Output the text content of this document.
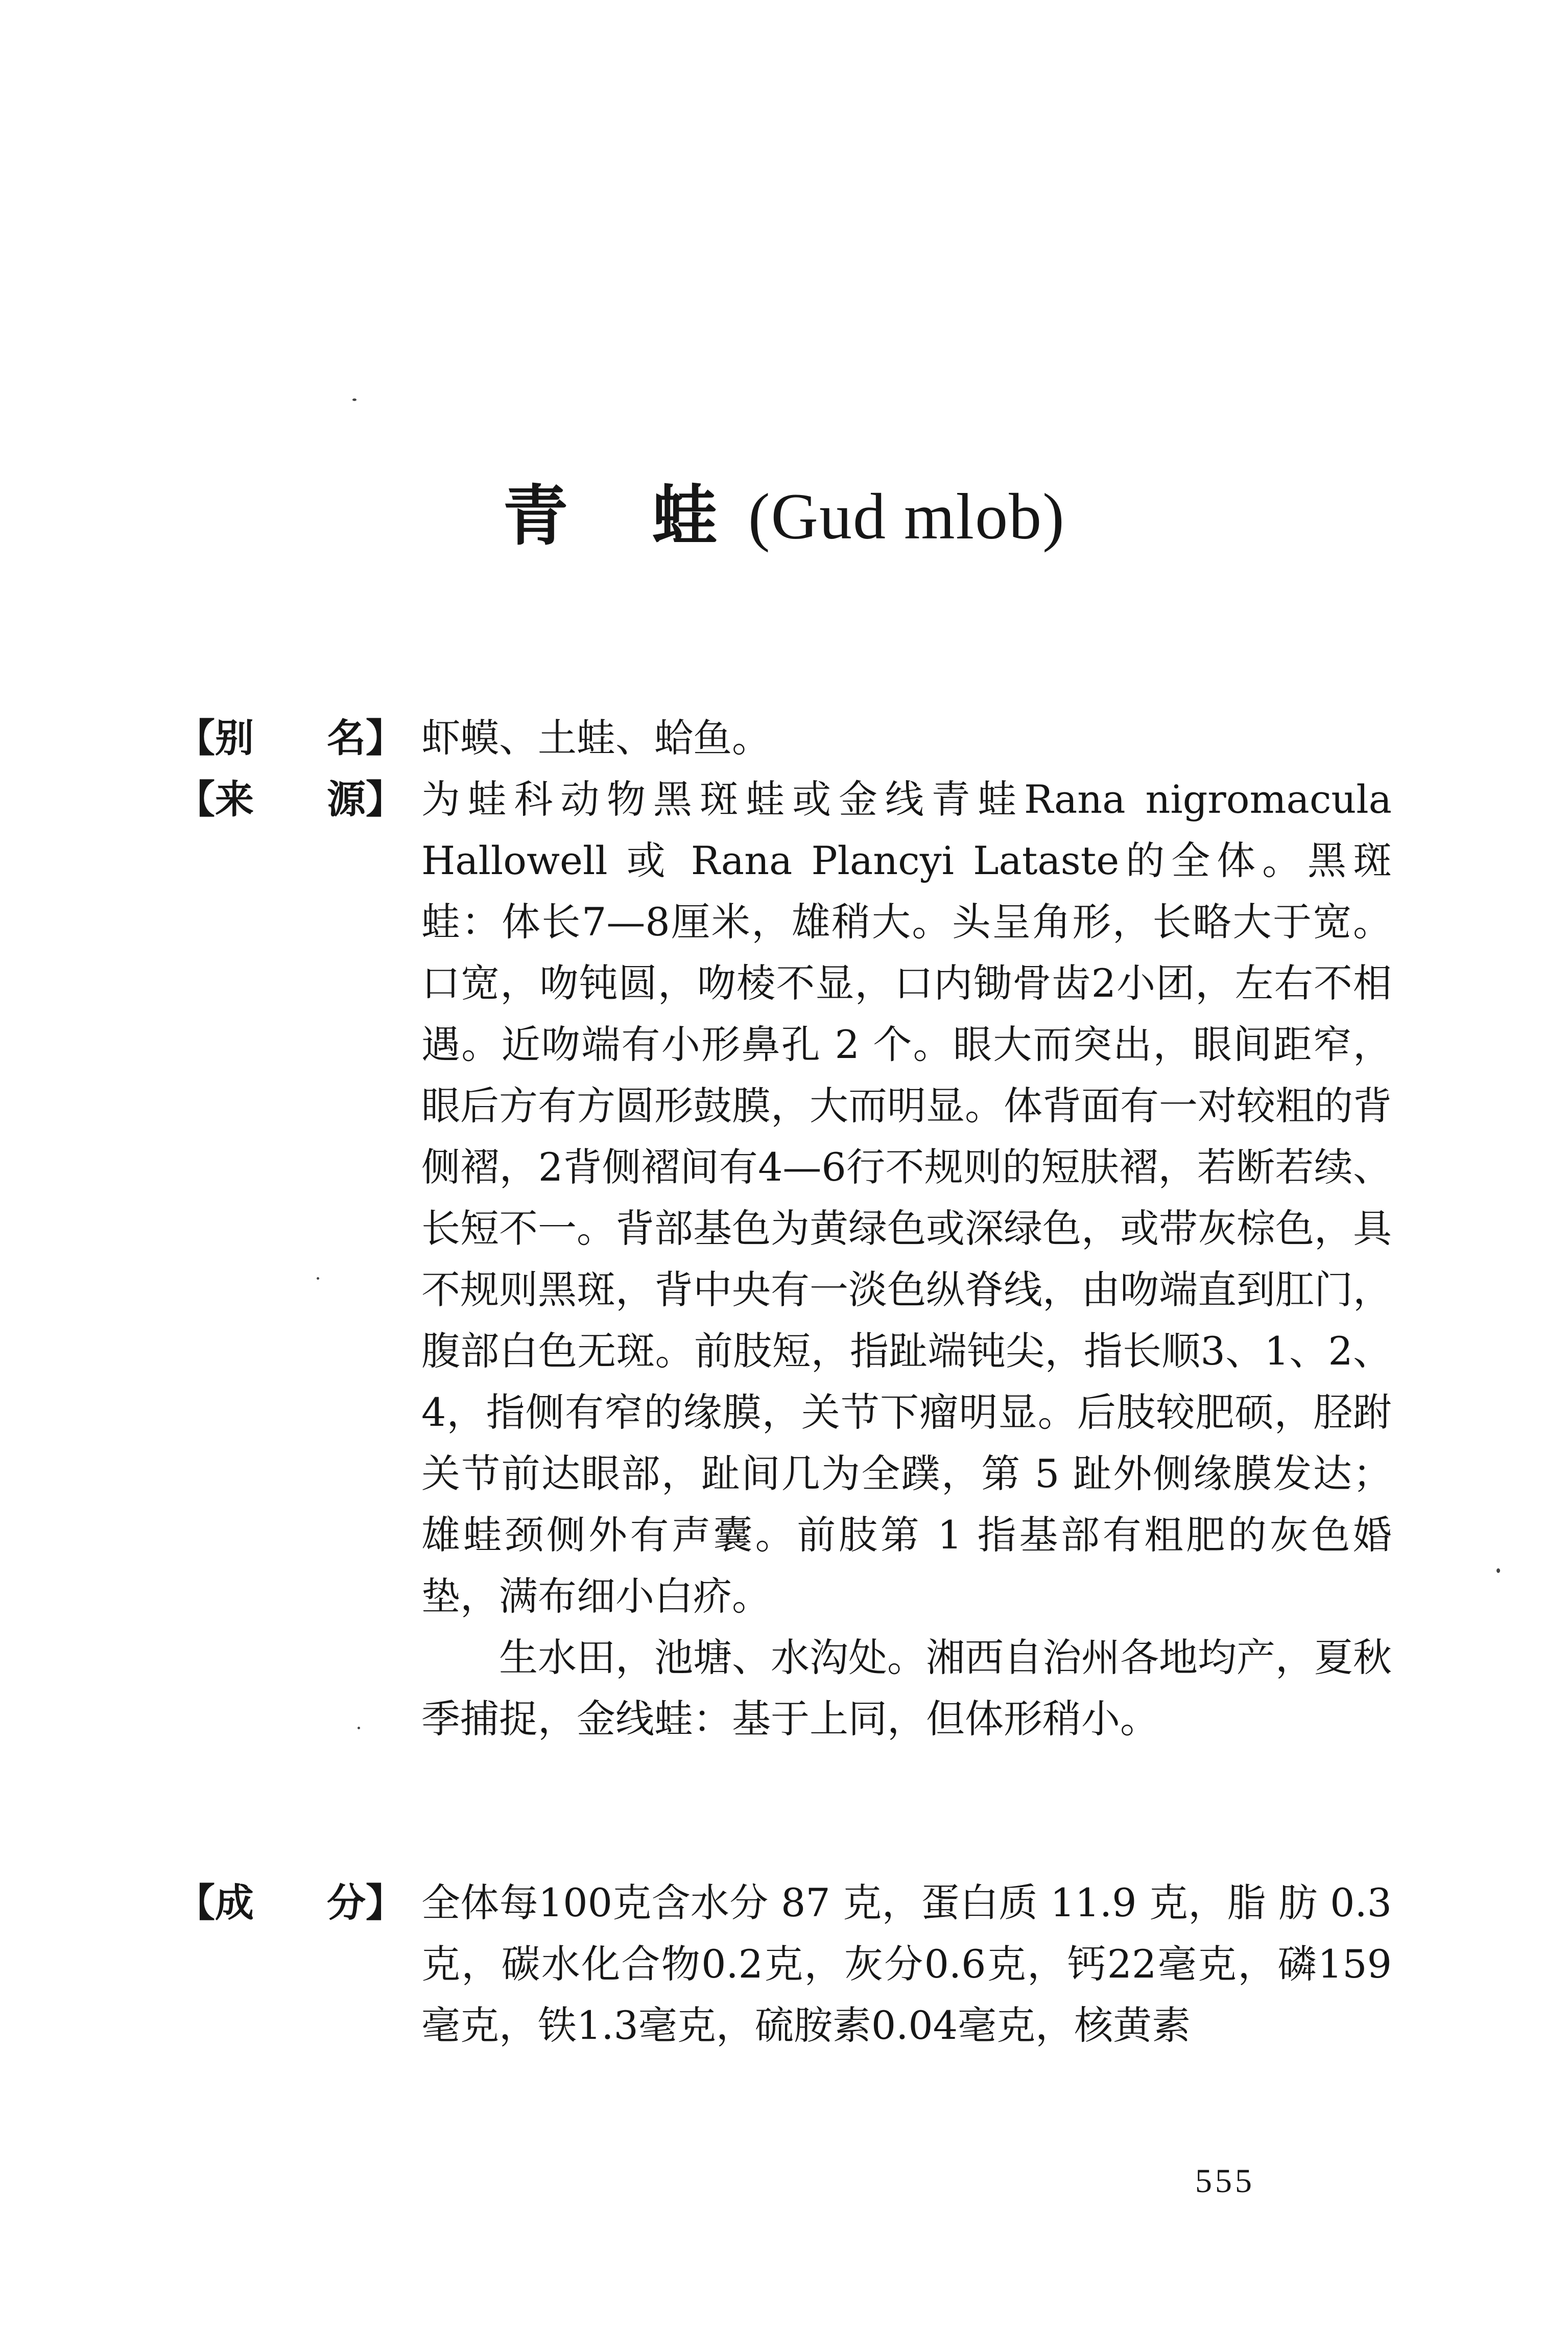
青 蛙(Gud mlob)
【别 名】 虾蟆、土蛙、蛤鱼。

【来 源】 为蛙科动物黑斑蛙或金线青蛙Rana nigromacula Hallowell 或 Rana Plancyi Lataste的全体。黑斑蛙：体长7—8厘米，雄稍大。头呈角形，长略大于宽。口宽，吻钝圆，吻棱不显，口内锄骨齿2小团，左右不相遇。近吻端有小形鼻孔 2 个。眼大而突出，眼间距窄，眼后方有方圆形鼓膜，大而明显。体背面有一对较粗的背侧褶，2背侧褶间有4—6行不规则的短肤褶，若断若续、长短不一。背部基色为黄绿色或深绿色，或带灰棕色，具不规则黑斑，背中央有一淡色纵脊线，由吻端直到肛门，腹部白色无斑。前肢短，指趾端钝尖，指长顺3、1、2、4，指侧有窄的缘膜，关节下瘤明显。后肢较肥硕，胫跗关节前达眼部，趾间几为全蹼，第 5 趾外侧缘膜发达；雄蛙颈侧外有声囊。前肢第 1 指基部有粗肥的灰色婚垫，满布细小白疥。

生水田，池塘、水沟处。湘西自治州各地均产，夏秋季捕捉，金线蛙：基于上同，但体形稍小。

【成 分】 全体每100克含水分 87 克，蛋白质 11.9 克，脂 肪 0.3克，碳水化合物0.2克，灰分0.6克，钙22毫克，磷159毫克，铁1.3毫克，硫胺素0.04毫克，核黄素

555
